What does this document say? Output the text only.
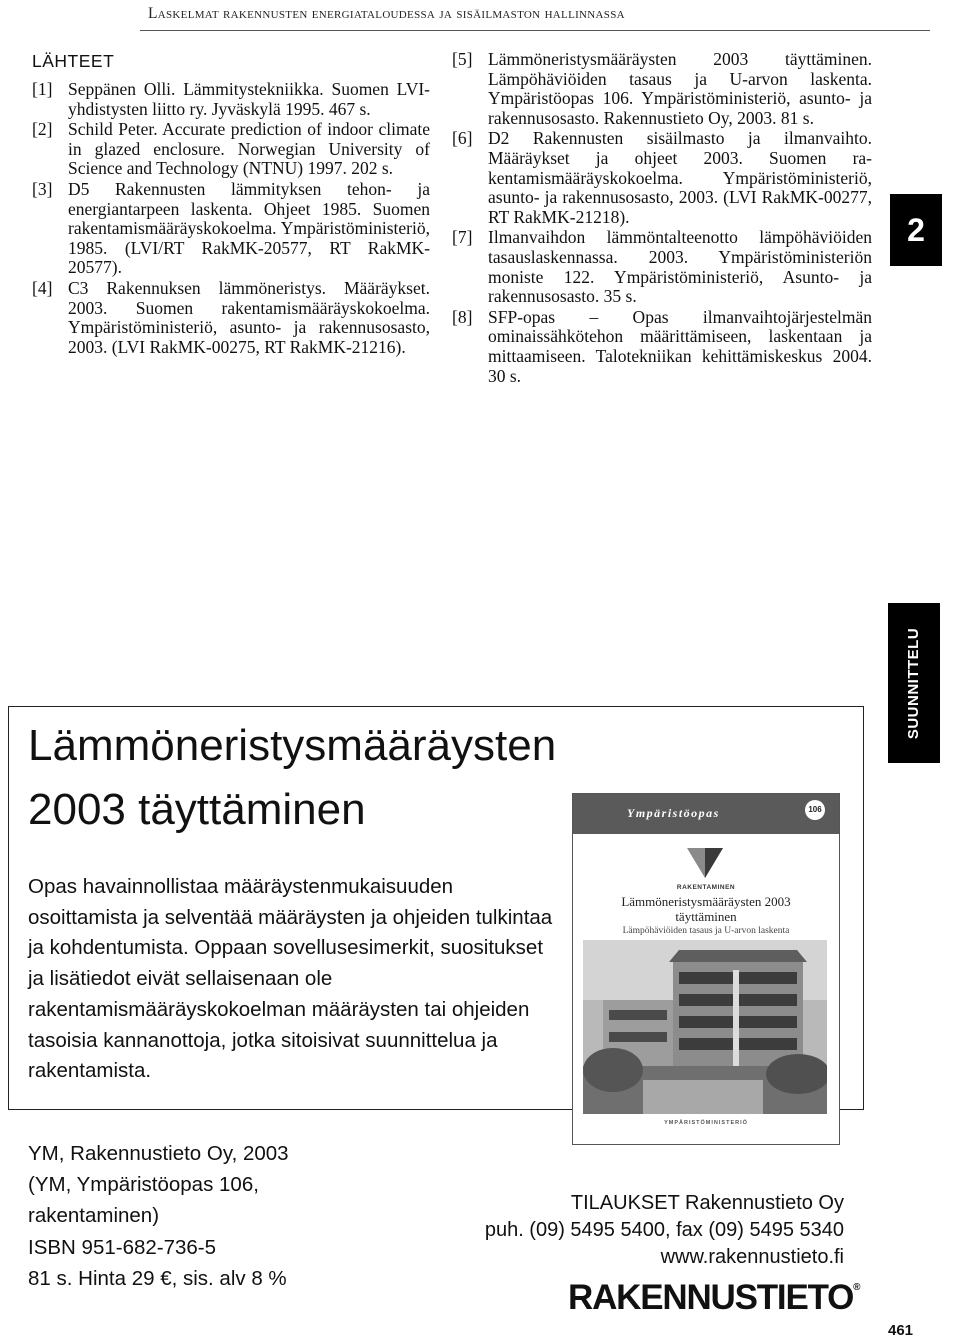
Laskelmat rakennusten energiataloudessa ja sisäilmaston hallinnassa
LÄHTEET
[1] Seppänen Olli. Lämmitystekniikka. Suomen LVI-yhdistysten liitto ry. Jyväskylä 1995. 467 s.
[2] Schild Peter. Accurate prediction of indoor climate in glazed enclosure. Norwegian University of Science and Technology (NTNU) 1997. 202 s.
[3] D5 Rakennusten lämmityksen tehon- ja energiantarpeen laskenta. Ohjeet 1985. Suomen rakentamismääräyskokoelma. Ympäristöministeriö, 1985. (LVI/RT RakMK-20577, RT RakMK-20577).
[4] C3 Rakennuksen lämmöneristys. Määräykset. 2003. Suomen rakentamismääräyskokoelma. Ympäristöministeriö, asunto- ja rakennusosasto, 2003. (LVI RakMK-00275, RT RakMK-21216).
[5] Lämmöneristysmääräysten 2003 täyttäminen. Lämpöhäviöiden tasaus ja U-arvon laskenta. Ympäristöopas 106. Ympäristöministeriö, asunto- ja rakennusosasto. Rakennustieto Oy, 2003. 81 s.
[6] D2 Rakennusten sisäilmasto ja ilmanvaihto. Määräykset ja ohjeet 2003. Suomen rakentamismääräyskokoelma. Ympäristöministeriö, asunto- ja rakennusosasto, 2003. (LVI RakMK-00277, RT RakMK-21218).
[7] Ilmanvaihdon lämmöntalteenotto lämpöhäviöiden tasauslaskennassa. 2003. Ympäristöministeriön moniste 122. Ympäristöministeriö, Asunto- ja rakennusosasto. 35 s.
[8] SFP-opas – Opas ilmanvaihtojärjestelmän ominaissähkötehon määrittämiseen, laskentaan ja mittaamiseen. Talotekniikan kehittämiskeskus 2004. 30 s.
2
SUUNNITTELU
Lämmöneristysmääräysten
2003 täyttäminen

Opas havainnollistaa määräystenmukaisuuden osoittamista ja selventää määräysten ja ohjeiden tulkintaa ja kohdentumista. Oppaan sovellusesimerkit, suositukset ja lisätiedot eivät sellaisenaan ole rakentamismääräyskokoelman määräysten tai ohjeiden tasoisia kannanottoja, jotka sitoisivat suunnittelua ja rakentamista.

Ympäristöopas	106
RAKENTAMINEN
Lämmöneristysmääräysten 2003
täyttäminen
Lämpöhäviöiden tasaus ja U-arvon laskenta
YMPÄRISTÖMINISTERIÖ
YM, Rakennustieto Oy, 2003
(YM, Ympäristöopas 106,
rakentaminen)
ISBN 951-682-736-5
81 s. Hinta 29 €, sis. alv 8 %
TILAUKSET Rakennustieto Oy
puh. (09) 5495 5400, fax (09) 5495 5340
www.rakennustieto.fi
RAKENNUSTIETO®
461
